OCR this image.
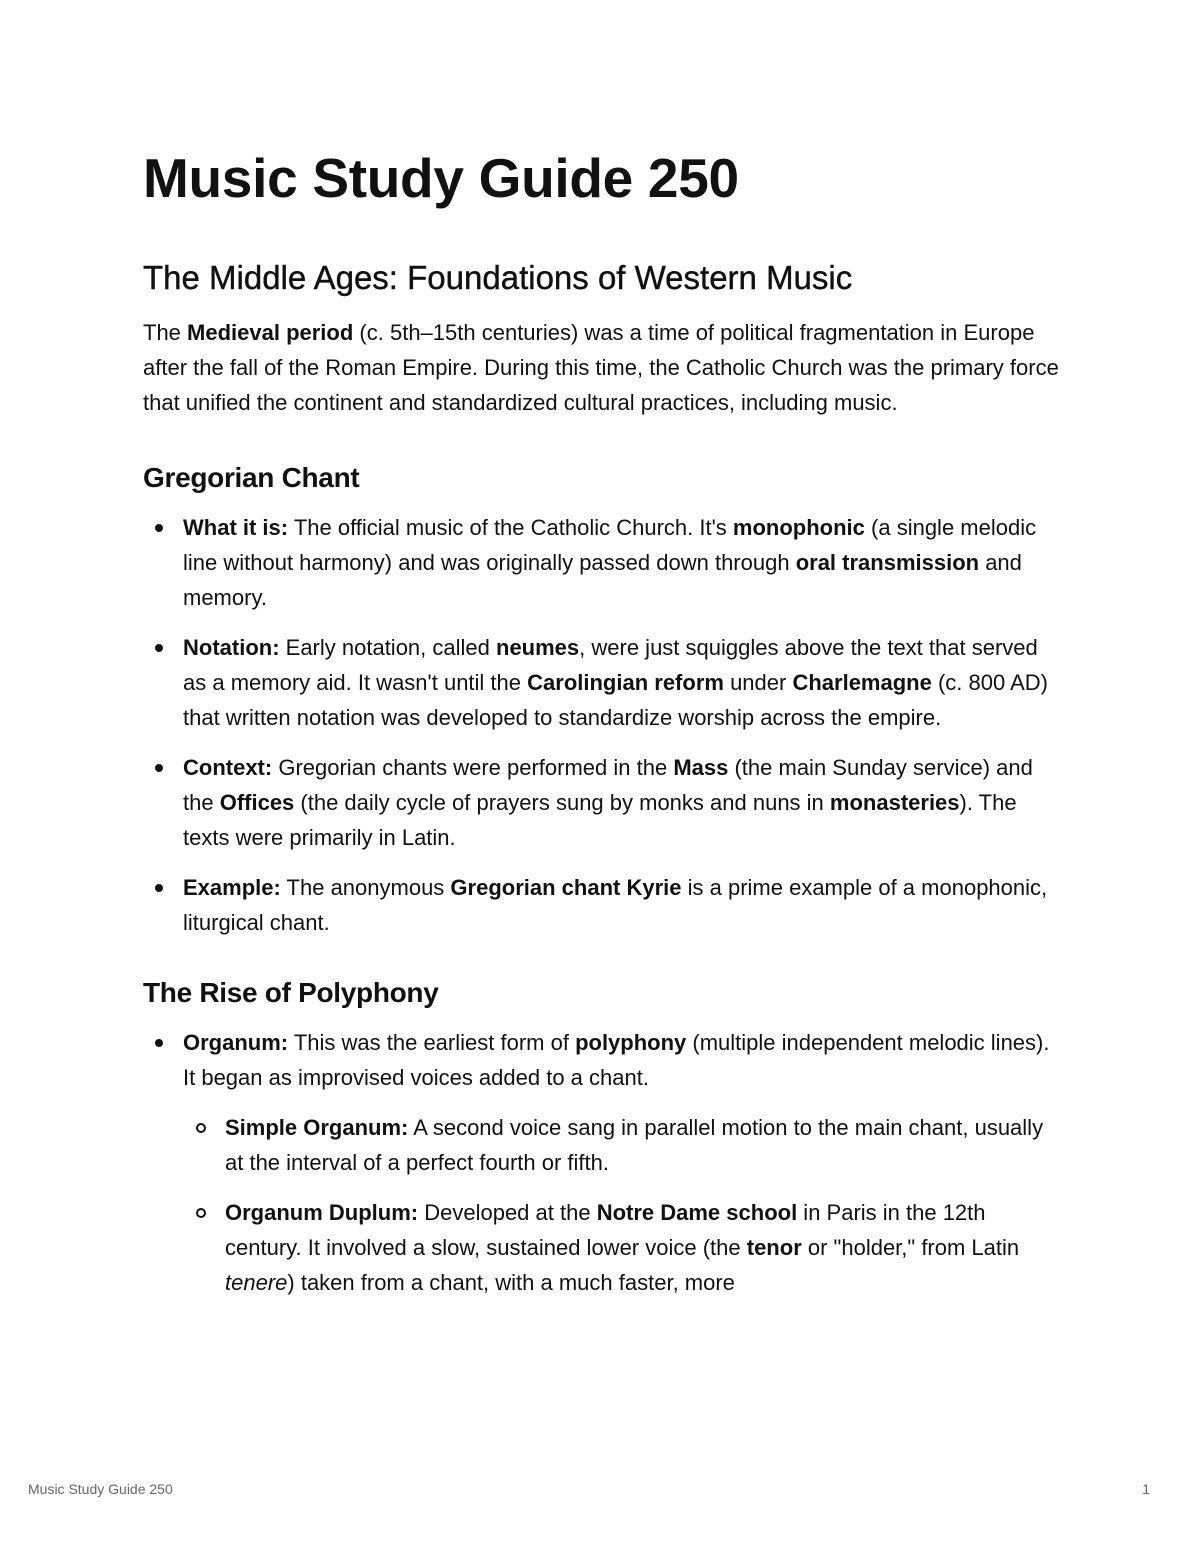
Music Study Guide 250
The Middle Ages: Foundations of Western Music

The Medieval period (c. 5th–15th centuries) was a time of political fragmentation in Europe after the fall of the Roman Empire. During this time, the Catholic Church was the primary force that unified the continent and standardized cultural practices, including music.

Gregorian Chant
What it is: The official music of the Catholic Church. It's monophonic (a single melodic line without harmony) and was originally passed down through oral transmission and memory.
Notation: Early notation, called neumes, were just squiggles above the text that served as a memory aid. It wasn't until the Carolingian reform under Charlemagne (c. 800 AD) that written notation was developed to standardize worship across the empire.
Context: Gregorian chants were performed in the Mass (the main Sunday service) and the Offices (the daily cycle of prayers sung by monks and nuns in monasteries). The texts were primarily in Latin.
Example: The anonymous Gregorian chant Kyrie is a prime example of a monophonic, liturgical chant.
The Rise of Polyphony
Organum: This was the earliest form of polyphony (multiple independent melodic lines). It began as improvised voices added to a chant.
Simple Organum: A second voice sang in parallel motion to the main chant, usually at the interval of a perfect fourth or fifth.
Organum Duplum: Developed at the Notre Dame school in Paris in the 12th century. It involved a slow, sustained lower voice (the tenor or "holder," from Latin tenere) taken from a chant, with a much faster, more
Music Study Guide 250	1
